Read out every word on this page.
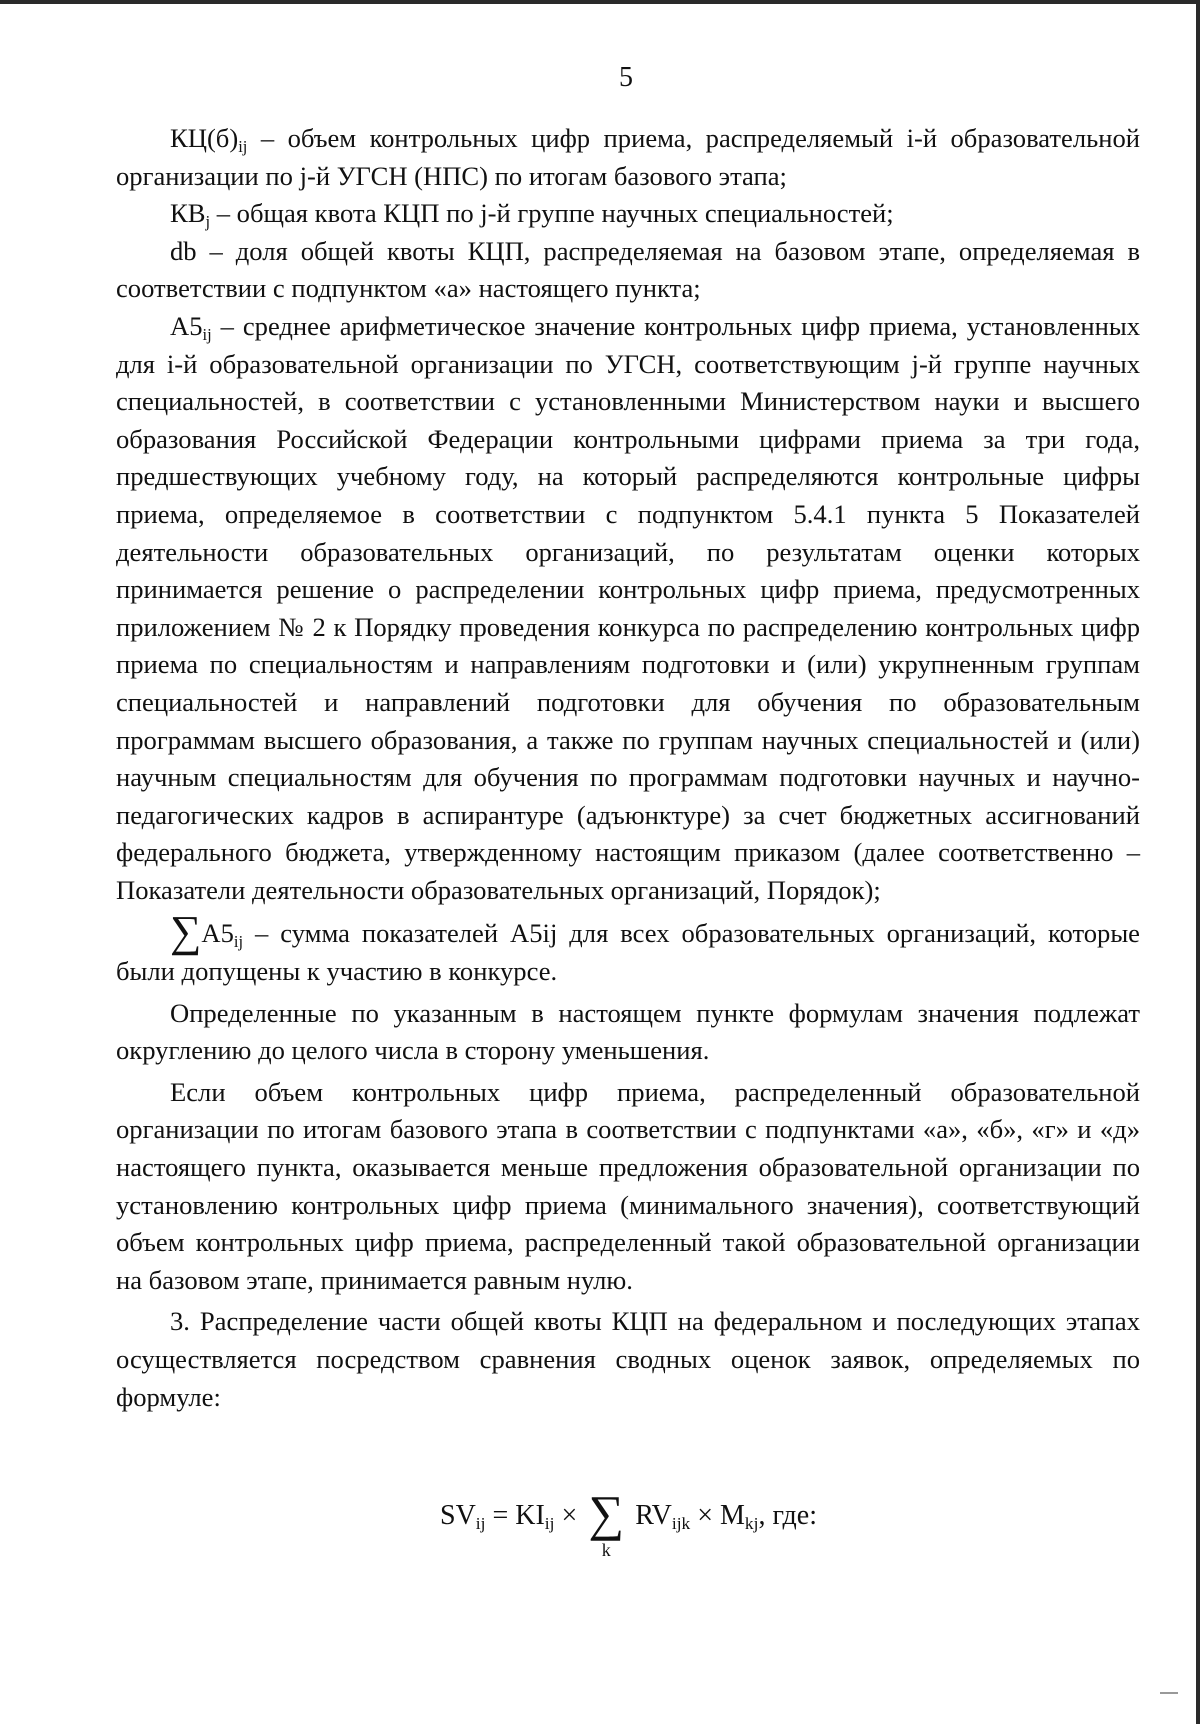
5

$КЦ(б)_{ij}$ – объем контрольных цифр приема, распределяемый i-й образовательной организации по j-й УГСН (НПС) по итогам базового этапа;

$КВ_j$ – общая квота КЦП по j-й группе научных специальностей;

db – доля общей квоты КЦП, распределяемая на базовом этапе, определяемая в соответствии с подпунктом «а» настоящего пункта;

$A5_{ij}$ – среднее арифметическое значение контрольных цифр приема, установленных для i-й образовательной организации по УГСН, соответствующим j-й группе научных специальностей, в соответствии с установленными Министерством науки и высшего образования Российской Федерации контрольными цифрами приема за три года, предшествующих учебному году, на который распределяются контрольные цифры приема, определяемое в соответствии с подпунктом 5.4.1 пункта 5 Показателей деятельности образовательных организаций, по результатам оценки которых принимается решение о распределении контрольных цифр приема, предусмотренных приложением № 2 к Порядку проведения конкурса по распределению контрольных цифр приема по специальностям и направлениям подготовки и (или) укрупненным группам специальностей и направлений подготовки для обучения по образовательным программам высшего образования, а также по группам научных специальностей и (или) научным специальностям для обучения по программам подготовки научных и научно-педагогических кадров в аспирантуре (адъюнктуре) за счет бюджетных ассигнований федерального бюджета, утвержденному настоящим приказом (далее соответственно – Показатели деятельности образовательных организаций, Порядок);

$\sum A5_{ij}$ – сумма показателей A5ij для всех образовательных организаций, которые были допущены к участию в конкурсе.

Определенные по указанным в настоящем пункте формулам значения подлежат округлению до целого числа в сторону уменьшения.

Если объем контрольных цифр приема, распределенный образовательной организации по итогам базового этапа в соответствии с подпунктами «а», «б», «г» и «д» настоящего пункта, оказывается меньше предложения образовательной организации по установлению контрольных цифр приема (минимального значения), соответствующий объем контрольных цифр приема, распределенный такой образовательной организации на базовом этапе, принимается равным нулю.

3. Распределение части общей квоты КЦП на федеральном и последующих этапах осуществляется посредством сравнения сводных оценок заявок, определяемых по формуле:

$SV_{ij} = KI_{ij}$ × ∑
k
$RV_{ijk} \times M_{kj}$, где:
